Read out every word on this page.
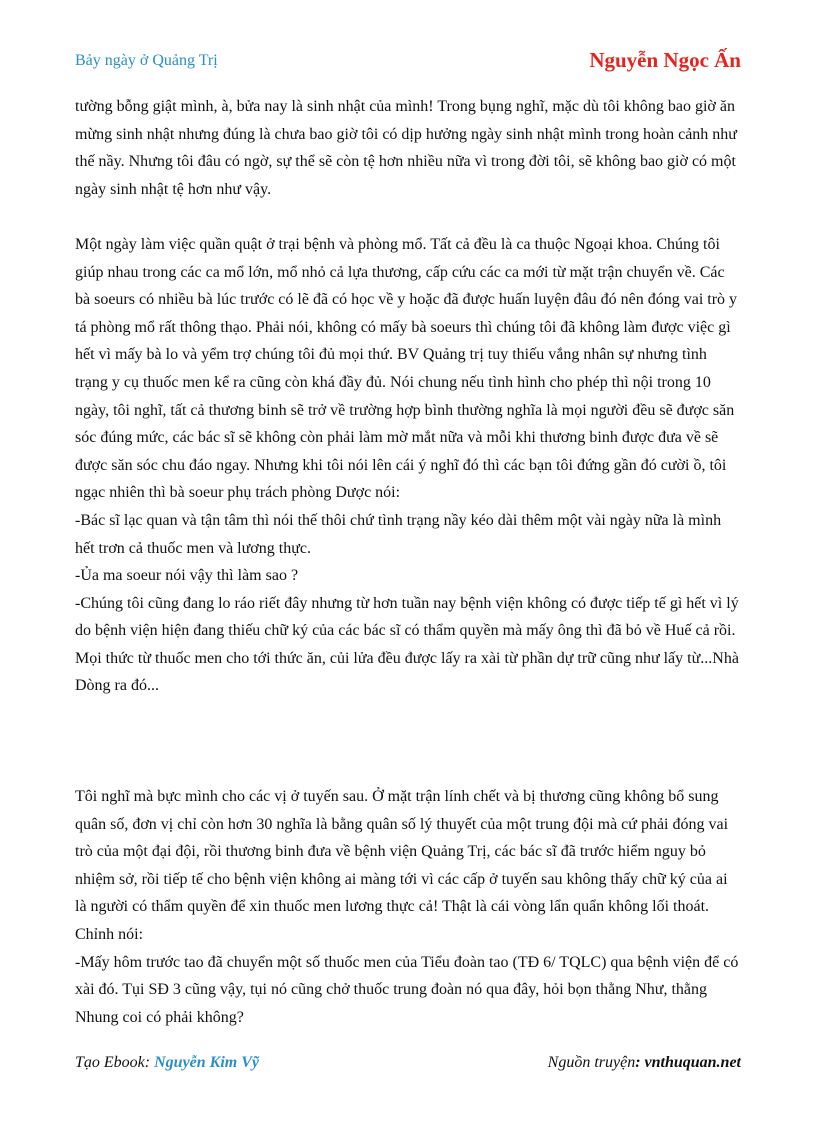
Bảy ngày ở Quảng Trị	Nguyễn Ngọc Ấn

tường bỗng giật mình, à, bửa nay là sinh nhật của mình! Trong bụng nghĩ, mặc dù tôi không bao giờ ăn mừng sinh nhật nhưng đúng là chưa bao giờ tôi có dịp hưởng ngày sinh nhật mình trong hoàn cảnh như thế nầy. Nhưng tôi đâu có ngờ, sự thể sẽ còn tệ hơn nhiều nữa vì trong đời tôi, sẽ không bao giờ có một ngày sinh nhật tệ hơn như vậy.

Một ngày làm việc quần quật ở trại bệnh và phòng mổ. Tất cả đều là ca thuộc Ngoại khoa. Chúng tôi giúp nhau trong các ca mổ lớn, mổ nhỏ cả lựa thương, cấp cứu các ca mới từ mặt trận chuyển về. Các bà soeurs có nhiều bà lúc trước có lẽ đã có học về y hoặc đã được huấn luyện đâu đó nên đóng vai trò y tá phòng mổ rất thông thạo. Phải nói, không có mấy bà soeurs thì chúng tôi đã không làm được việc gì hết vì mấy bà lo và yểm trợ chúng tôi đủ mọi thứ. BV Quảng trị tuy thiếu vắng nhân sự nhưng tình trạng y cụ thuốc men kể ra cũng còn khá đầy đủ. Nói chung nếu tình hình cho phép thì nội trong 10 ngày, tôi nghĩ, tất cả thương binh sẽ trở về trường hợp bình thường nghĩa là mọi người đều sẽ được săn sóc đúng mức, các bác sĩ sẽ không còn phải làm mờ mắt nữa và mỗi khi thương binh được đưa về sẽ được săn sóc chu đáo ngay. Nhưng khi tôi nói lên cái ý nghĩ đó thì các bạn tôi đứng gần đó cười ồ, tôi ngạc nhiên thì bà soeur phụ trách phòng Dược nói:

-Bác sĩ lạc quan và tận tâm thì nói thế thôi chứ tình trạng nầy kéo dài thêm một vài ngày nữa là mình hết trơn cả thuốc men và lương thực.

-Ủa ma soeur nói vậy thì làm sao ?

-Chúng tôi cũng đang lo ráo riết đây nhưng từ hơn tuần nay bệnh viện không có được tiếp tế gì hết vì lý do bệnh viện hiện đang thiếu chữ ký của các bác sĩ có thẩm quyền mà mấy ông thì đã bỏ về Huế cả rồi. Mọi thức từ thuốc men cho tới thức ăn, củi lửa đều được lấy ra xài từ phần dự trữ cũng như lấy từ...Nhà Dòng ra đó...

Tôi nghĩ mà bực mình cho các vị ở tuyến sau. Ở mặt trận lính chết và bị thương cũng không bổ sung quân số, đơn vị chỉ còn hơn 30 nghĩa là bằng quân số lý thuyết của một trung đội mà cứ phải đóng vai trò của một đại đội, rồi thương binh đưa về bệnh viện Quảng Trị, các bác sĩ đã trước hiểm nguy bỏ nhiệm sở, rồi tiếp tế cho bệnh viện không ai màng tới vì các cấp ở tuyến sau không thấy chữ ký của ai là người có thẩm quyền để xin thuốc men lương thực cả! Thật là cái vòng lẩn quẩn không lối thoát. Chỉnh nói:

-Mấy hôm trước tao đã chuyển một số thuốc men của Tiểu đoàn tao (TĐ 6/ TQLC) qua bệnh viện để có xài đó. Tụi SĐ 3 cũng vậy, tụi nó cũng chở thuốc trung đoàn nó qua đây, hỏi bọn thằng Như, thằng Nhung coi có phải không?

Tạo Ebook: Nguyễn Kim Vỹ	Nguồn truyện: vnthuquan.net
